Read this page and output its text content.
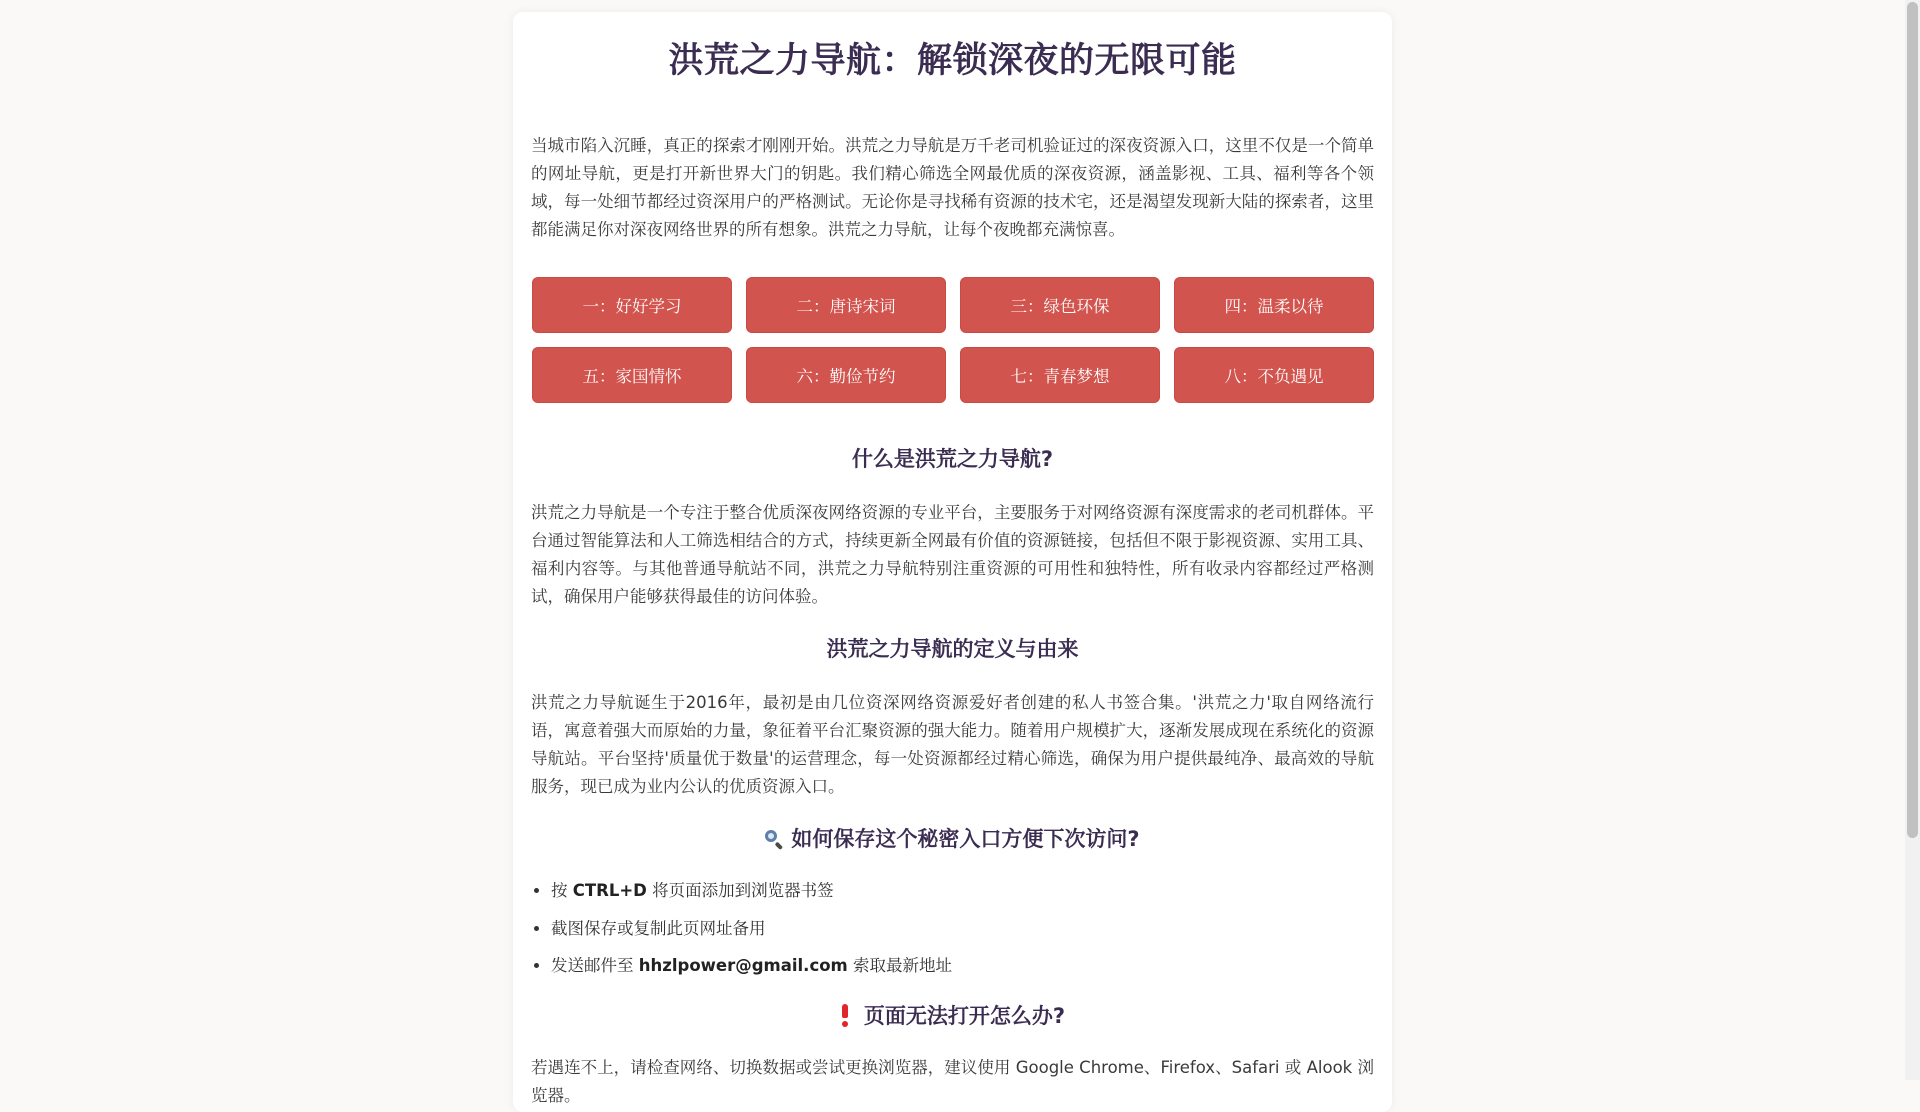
洪荒之力导航：解锁深夜的无限可能

当城市陷入沉睡，真正的探索才刚刚开始。洪荒之力导航是万千老司机验证过的深夜资源入口，这里不仅是一个简单的网址导航，更是打开新世界大门的钥匙。我们精心筛选全网最优质的深夜资源，涵盖影视、工具、福利等各个领域，每一处细节都经过资深用户的严格测试。无论你是寻找稀有资源的技术宅，还是渴望发现新大陆的探索者，这里都能满足你对深夜网络世界的所有想象。洪荒之力导航，让每个夜晚都充满惊喜。

一：好好学习	二：唐诗宋词	三：绿色环保	四：温柔以待
五：家国情怀	六：勤俭节约	七：青春梦想	八：不负遇见
什么是洪荒之力导航?

洪荒之力导航是一个专注于整合优质深夜网络资源的专业平台，主要服务于对网络资源有深度需求的老司机群体。平台通过智能算法和人工筛选相结合的方式，持续更新全网最有价值的资源链接，包括但不限于影视资源、实用工具、福利内容等。与其他普通导航站不同，洪荒之力导航特别注重资源的可用性和独特性，所有收录内容都经过严格测试，确保用户能够获得最佳的访问体验。

洪荒之力导航的定义与由来

洪荒之力导航诞生于2016年，最初是由几位资深网络资源爱好者创建的私人书签合集。'洪荒之力'取自网络流行语，寓意着强大而原始的力量，象征着平台汇聚资源的强大能力。随着用户规模扩大，逐渐发展成现在系统化的资源导航站。平台坚持'质量优于数量'的运营理念，每一处资源都经过精心筛选，确保为用户提供最纯净、最高效的导航服务，现已成为业内公认的优质资源入口。

如何保存这个秘密入口方便下次访问?
• 按 CTRL+D 将页面添加到浏览器书签
• 截图保存或复制此页网址备用
• 发送邮件至 hhzlpower@gmail.com 索取最新地址
页面无法打开怎么办?

若遇连不上，请检查网络、切换数据或尝试更换浏览器，建议使用 Google Chrome、Firefox、Safari 或 Alook 浏览器。
